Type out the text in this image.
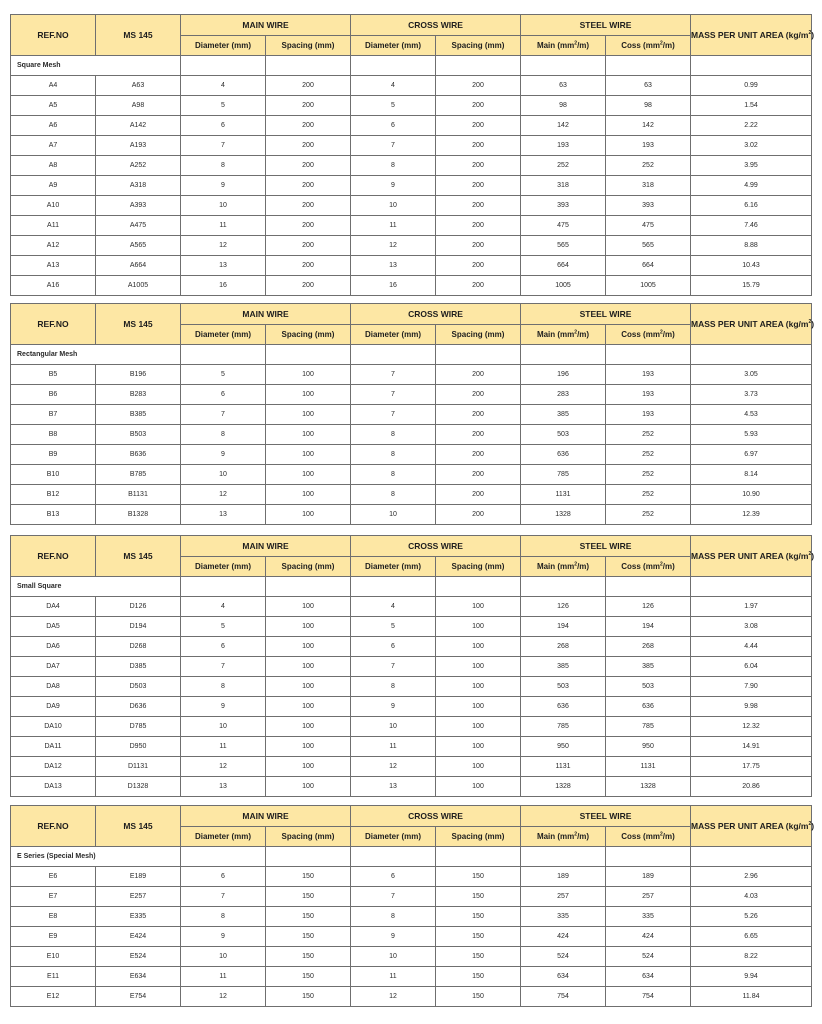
REF.NO	MS 145	MAIN WIRE		CROSS WIRE		STEEL WIRE		MASS PER UNIT AREA $(kg/m^2)$
		Diameter (mm)	Spacing (mm)	Diameter (mm)	Spacing (mm)	Main $(mm^2/m)$	Coss $(mm^2/m)$	
Square Mesh								
A4	A63	4	200	4	200	63	63	0.99
A5	A98	5	200	5	200	98	98	1.54
A6	A142	6	200	6	200	142	142	2.22
A7	A193	7	200	7	200	193	193	3.02
A8	A252	8	200	8	200	252	252	3.95
A9	A318	9	200	9	200	318	318	4.99
A10	A393	10	200	10	200	393	393	6.16
A11	A475	11	200	11	200	475	475	7.46
A12	A565	12	200	12	200	565	565	8.88
A13	A664	13	200	13	200	664	664	10.43
A16	A1005	16	200	16	200	1005	1005	15.79
REF.NO	MS 145	MAIN WIRE		CROSS WIRE		STEEL WIRE		MASS PER UNIT AREA $(kg/m^2)$
		Diameter (mm)	Spacing (mm)	Diameter (mm)	Spacing (mm)	Main $(mm^2/m)$	Coss $(mm^2/m)$	
Rectangular Mesh								
B5	B196	5	100	7	200	196	193	3.05
B6	B283	6	100	7	200	283	193	3.73
B7	B385	7	100	7	200	385	193	4.53
B8	B503	8	100	8	200	503	252	5.93
B9	B636	9	100	8	200	636	252	6.97
B10	B785	10	100	8	200	785	252	8.14
B12	B1131	12	100	8	200	1131	252	10.90
B13	B1328	13	100	10	200	1328	252	12.39
REF.NO	MS 145	MAIN WIRE		CROSS WIRE		STEEL WIRE		MASS PER UNIT AREA $(kg/m^2)$
		Diameter (mm)	Spacing (mm)	Diameter (mm)	Spacing (mm)	Main $(mm^2/m)$	Coss $(mm^2/m)$	
Small Square								
DA4	D126	4	100	4	100	126	126	1.97
DA5	D194	5	100	5	100	194	194	3.08
DA6	D268	6	100	6	100	268	268	4.44
DA7	D385	7	100	7	100	385	385	6.04
DA8	D503	8	100	8	100	503	503	7.90
DA9	D636	9	100	9	100	636	636	9.98
DA10	D785	10	100	10	100	785	785	12.32
DA11	D950	11	100	11	100	950	950	14.91
DA12	D1131	12	100	12	100	1131	1131	17.75
DA13	D1328	13	100	13	100	1328	1328	20.86
REF.NO	MS 145	MAIN WIRE		CROSS WIRE		STEEL WIRE		MASS PER UNIT AREA $(kg/m^2)$
		Diameter (mm)	Spacing (mm)	Diameter (mm)	Spacing (mm)	Main $(mm^2/m)$	Coss $(mm^2/m)$	
E Series (Special Mesh)								
E6	E189	6	150	6	150	189	189	2.96
E7	E257	7	150	7	150	257	257	4.03
E8	E335	8	150	8	150	335	335	5.26
E9	E424	9	150	9	150	424	424	6.65
E10	E524	10	150	10	150	524	524	8.22
E11	E634	11	150	11	150	634	634	9.94
E12	E754	12	150	12	150	754	754	11.84
